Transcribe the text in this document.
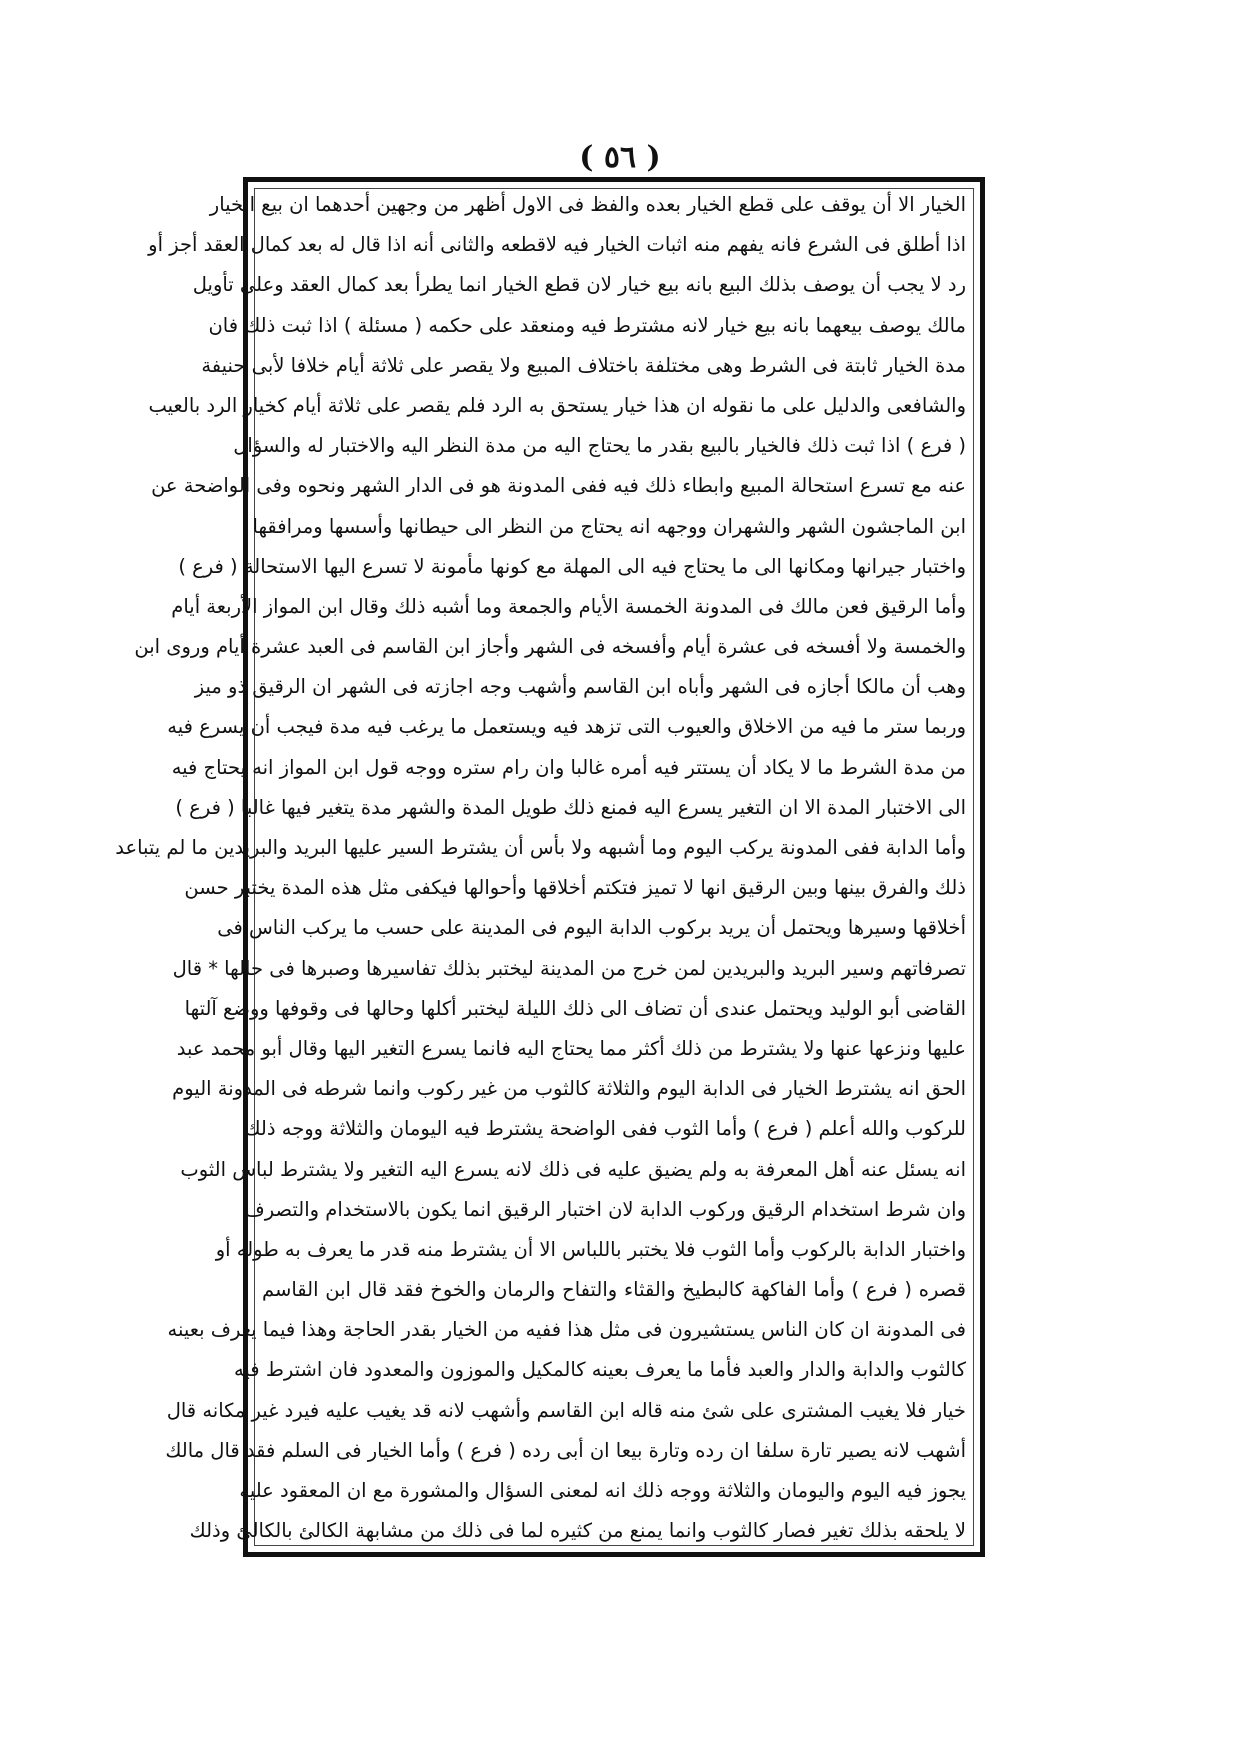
( ٥٦ )
الخيار الا أن يوقف على قطع الخيار بعده والفظ فى الاول أظهر من وجهين أحدهما ان بيع الخيار
اذا أطلق فى الشرع فانه يفهم منه اثبات الخيار فيه لاقطعه والثانى أنه اذا قال له بعد كمال العقد أجز أو
رد لا يجب أن يوصف بذلك البيع بانه بيع خيار لان قطع الخيار انما يطرأ بعد كمال العقد وعلى تأويل
مالك يوصف بيعهما بانه بيع خيار لانه مشترط فيه ومنعقد على حكمه ( مسئلة ) اذا ثبت ذلك فان
مدة الخيار ثابتة فى الشرط وهى مختلفة باختلاف المبيع ولا يقصر على ثلاثة أيام خلافا لأبى حنيفة
والشافعى والدليل على ما نقوله ان هذا خيار يستحق به الرد فلم يقصر على ثلاثة أيام كخيار الرد بالعيب
( فرع ) اذا ثبت ذلك فالخيار بالبيع بقدر ما يحتاج اليه من مدة النظر اليه والاختبار له والسؤال
عنه مع تسرع استحالة المبيع وابطاء ذلك فيه ففى المدونة هو فى الدار الشهر ونحوه وفى الواضحة عن
ابن الماجشون الشهر والشهران ووجهه انه يحتاج من النظر الى حيطانها وأسسها ومرافقها
واختبار جيرانها ومكانها الى ما يحتاج فيه الى المهلة مع كونها مأمونة لا تسرع اليها الاستحالة ( فرع )
وأما الرقيق فعن مالك فى المدونة الخمسة الأيام والجمعة وما أشبه ذلك وقال ابن المواز الأربعة أيام
والخمسة ولا أفسخه فى عشرة أيام وأفسخه فى الشهر وأجاز ابن القاسم فى العبد عشرة أيام وروى ابن
وهب أن مالكا أجازه فى الشهر وأباه ابن القاسم وأشهب وجه اجازته فى الشهر ان الرقيق ذو ميز
وربما ستر ما فيه من الاخلاق والعيوب التى تزهد فيه ويستعمل ما يرغب فيه مدة فيجب أن يسرع فيه
من مدة الشرط ما لا يكاد أن يستتر فيه أمره غالبا وان رام ستره ووجه قول ابن المواز انه يحتاج فيه
الى الاختبار المدة الا ان التغير يسرع اليه فمنع ذلك طويل المدة والشهر مدة يتغير فيها غالبا ( فرع )
وأما الدابة ففى المدونة يركب اليوم وما أشبهه ولا بأس أن يشترط السير عليها البريد والبريدين ما لم يتباعد
ذلك والفرق بينها وبين الرقيق انها لا تميز فتكتم أخلاقها وأحوالها فيكفى مثل هذه المدة يختبر حسن
أخلاقها وسيرها ويحتمل أن يريد بركوب الدابة اليوم فى المدينة على حسب ما يركب الناس فى
تصرفاتهم وسير البريد والبريدين لمن خرج من المدينة ليختبر بذلك تفاسيرها وصبرها فى حالها * قال
القاضى أبو الوليد ويحتمل عندى أن تضاف الى ذلك الليلة ليختبر أكلها وحالها فى وقوفها ووضع آلتها
عليها ونزعها عنها ولا يشترط من ذلك أكثر مما يحتاج اليه فانما يسرع التغير اليها وقال أبو محمد عبد
الحق انه يشترط الخيار فى الدابة اليوم والثلاثة كالثوب من غير ركوب وانما شرطه فى المدونة اليوم
للركوب والله أعلم ( فرع ) وأما الثوب ففى الواضحة يشترط فيه اليومان والثلاثة ووجه ذلك
انه يسئل عنه أهل المعرفة به ولم يضيق عليه فى ذلك لانه يسرع اليه التغير ولا يشترط لباس الثوب
وان شرط استخدام الرقيق وركوب الدابة لان اختبار الرقيق انما يكون بالاستخدام والتصرف
واختبار الدابة بالركوب وأما الثوب فلا يختبر باللباس الا أن يشترط منه قدر ما يعرف به طوله أو
قصره ( فرع ) وأما الفاكهة كالبطيخ والقثاء والتفاح والرمان والخوخ فقد قال ابن القاسم
فى المدونة ان كان الناس يستشيرون فى مثل هذا ففيه من الخيار بقدر الحاجة وهذا فيما يعرف بعينه
كالثوب والدابة والدار والعبد فأما ما يعرف بعينه كالمكيل والموزون والمعدود فان اشترط فيه
خيار فلا يغيب المشترى على شئ منه قاله ابن القاسم وأشهب لانه قد يغيب عليه فيرد غير مكانه قال
أشهب لانه يصير تارة سلفا ان رده وتارة بيعا ان أبى رده ( فرع ) وأما الخيار فى السلم فقد قال مالك
يجوز فيه اليوم واليومان والثلاثة ووجه ذلك انه لمعنى السؤال والمشورة مع ان المعقود عليه
لا يلحقه بذلك تغير فصار كالثوب وانما يمنع من كثيره لما فى ذلك من مشابهة الكالئ بالكالئ وذلك
